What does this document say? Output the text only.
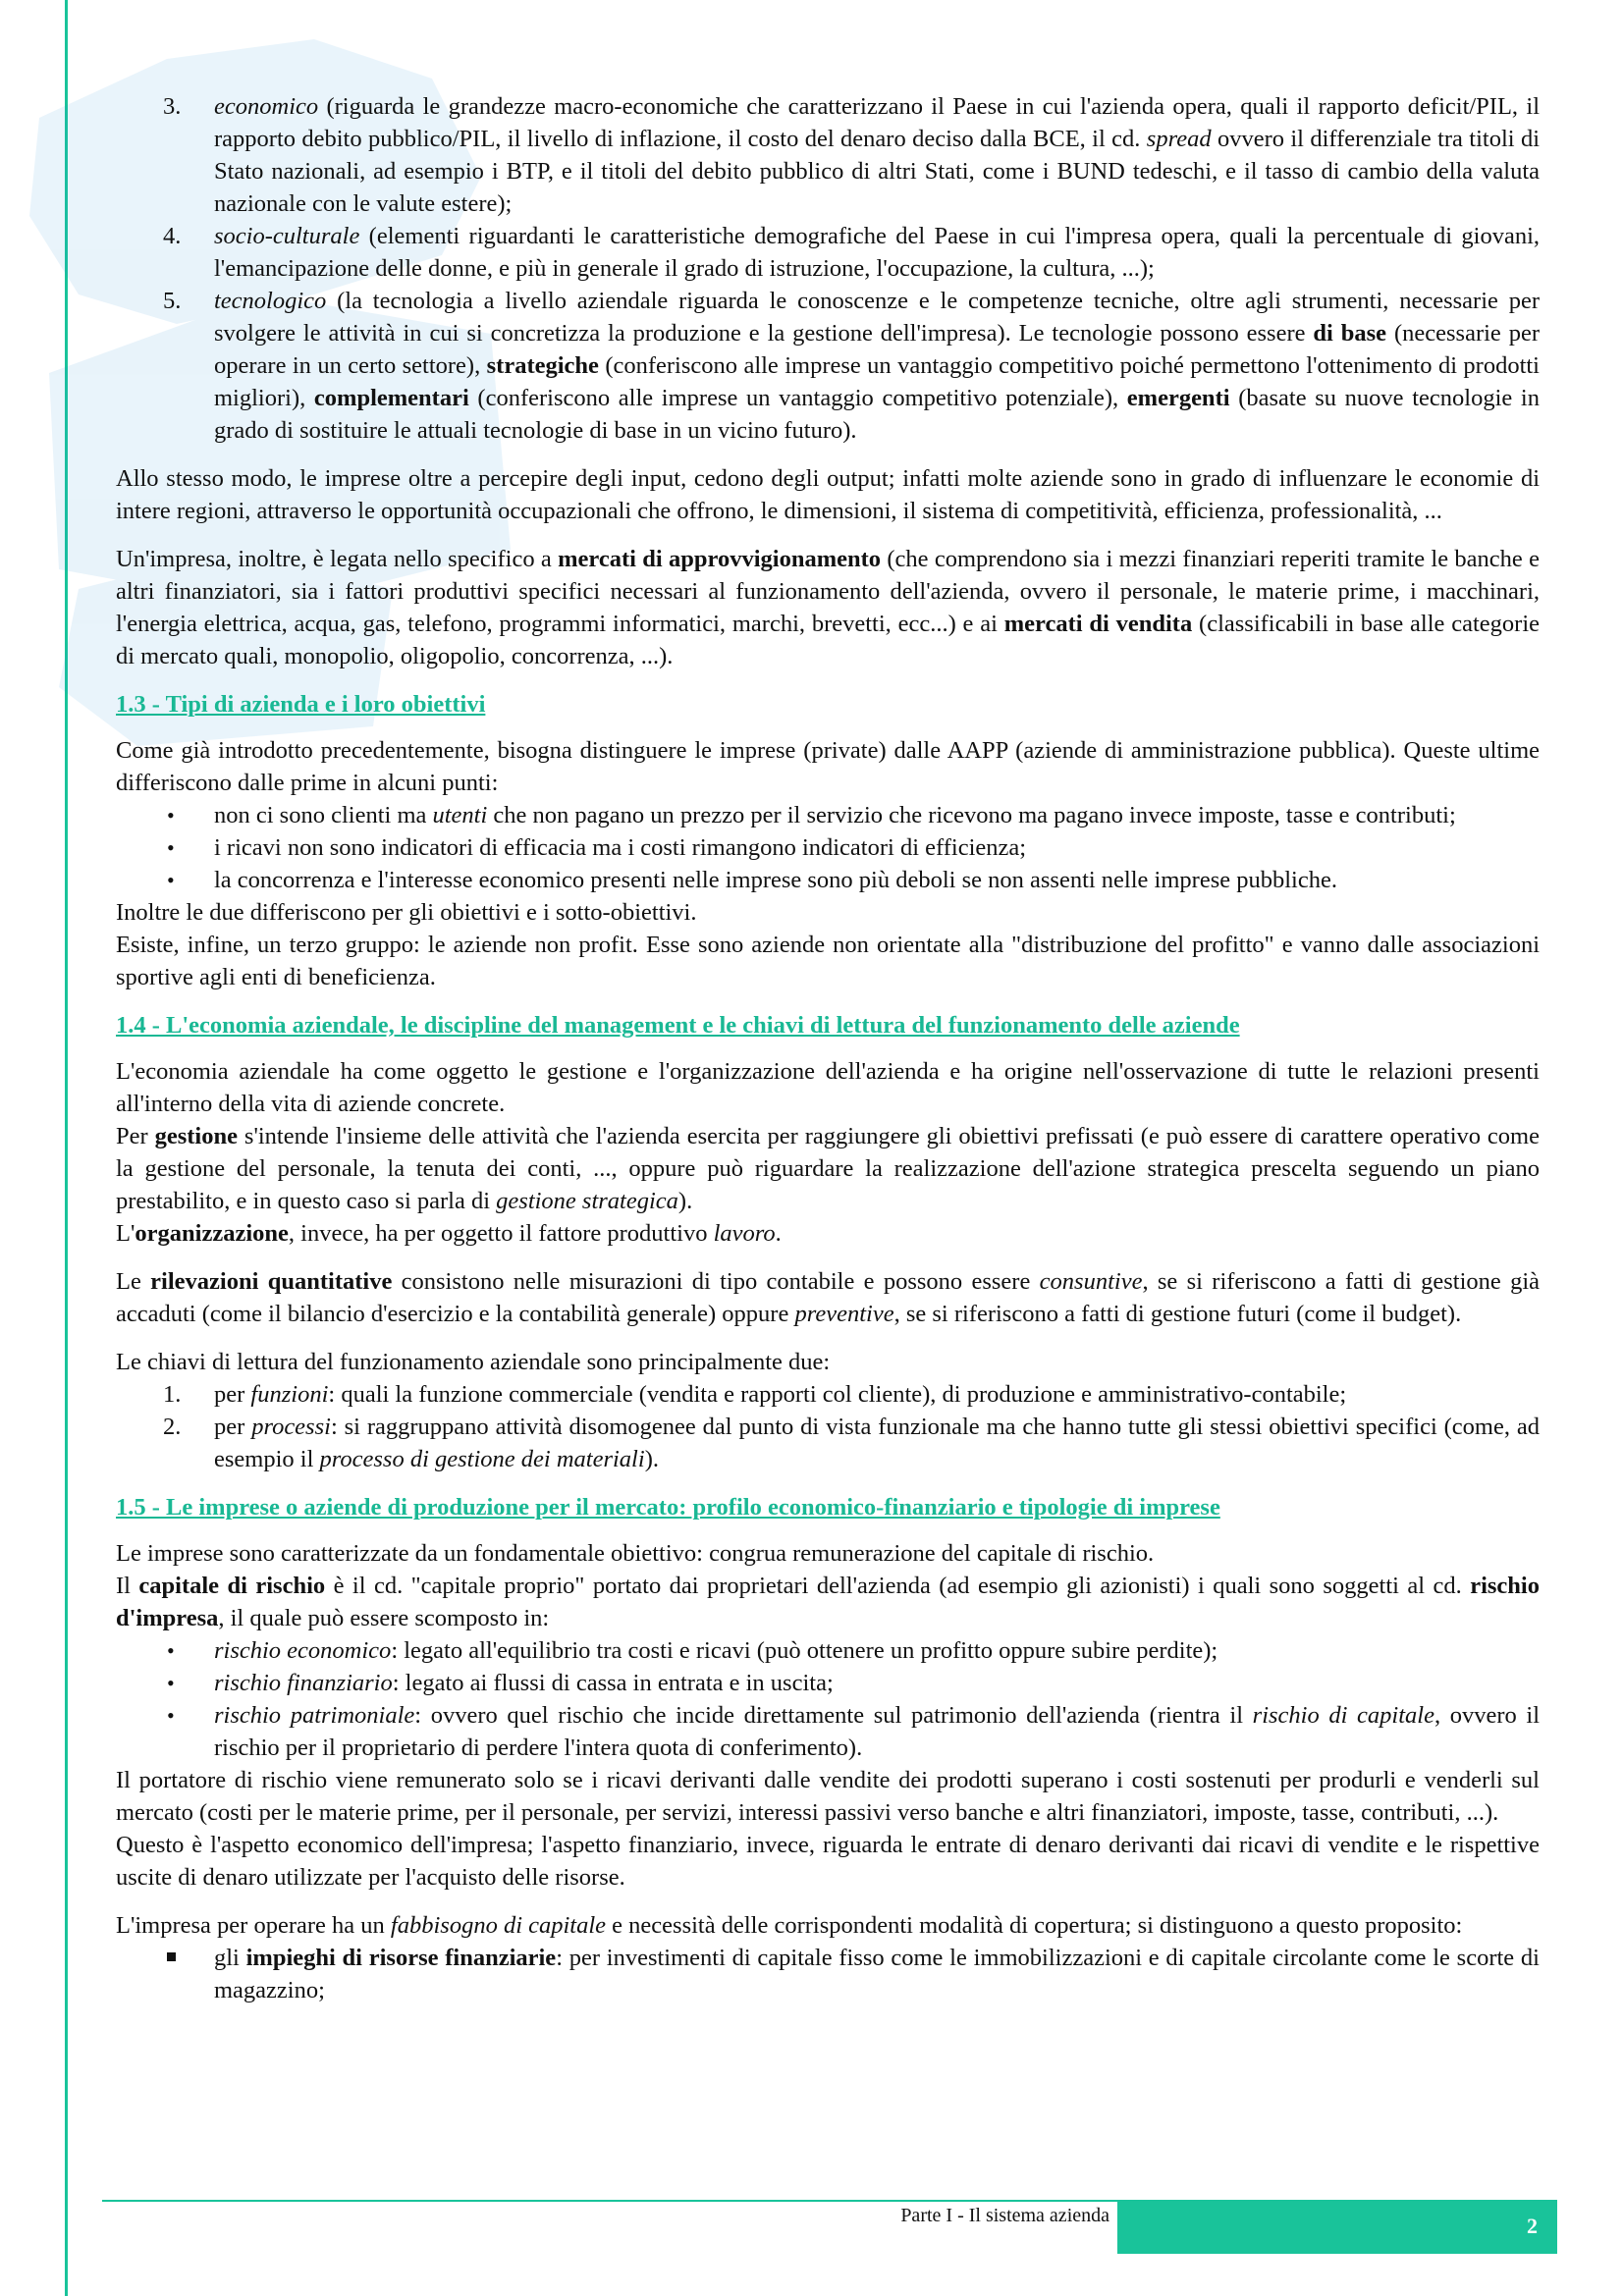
3. economico (riguarda le grandezze macro-economiche che caratterizzano il Paese in cui l'azienda opera, quali il rapporto deficit/PIL, il rapporto debito pubblico/PIL, il livello di inflazione, il costo del denaro deciso dalla BCE, il cd. spread ovvero il differenziale tra titoli di Stato nazionali, ad esempio i BTP, e il titoli del debito pubblico di altri Stati, come i BUND tedeschi, e il tasso di cambio della valuta nazionale con le valute estere);
4. socio-culturale (elementi riguardanti le caratteristiche demografiche del Paese in cui l'impresa opera, quali la percentuale di giovani, l'emancipazione delle donne, e più in generale il grado di istruzione, l'occupazione, la cultura, ...);
5. tecnologico (la tecnologia a livello aziendale riguarda le conoscenze e le competenze tecniche, oltre agli strumenti, necessarie per svolgere le attività in cui si concretizza la produzione e la gestione dell'impresa). Le tecnologie possono essere di base (necessarie per operare in un certo settore), strategiche (conferiscono alle imprese un vantaggio competitivo poiché permettono l'ottenimento di prodotti migliori), complementari (conferiscono alle imprese un vantaggio competitivo potenziale), emergenti (basate su nuove tecnologie in grado di sostituire le attuali tecnologie di base in un vicino futuro).

Allo stesso modo, le imprese oltre a percepire degli input, cedono degli output; infatti molte aziende sono in grado di influenzare le economie di intere regioni, attraverso le opportunità occupazionali che offrono, le dimensioni, il sistema di competitività, efficienza, professionalità, ...

Un'impresa, inoltre, è legata nello specifico a mercati di approvvigionamento (che comprendono sia i mezzi finanziari reperiti tramite le banche e altri finanziatori, sia i fattori produttivi specifici necessari al funzionamento dell'azienda, ovvero il personale, le materie prime, i macchinari, l'energia elettrica, acqua, gas, telefono, programmi informatici, marchi, brevetti, ecc...) e ai mercati di vendita (classificabili in base alle categorie di mercato quali, monopolio, oligopolio, concorrenza, ...).

1.3 - Tipi di azienda e i loro obiettivi

Come già introdotto precedentemente, bisogna distinguere le imprese (private) dalle AAPP (aziende di amministrazione pubblica). Queste ultime differiscono dalle prime in alcuni punti:

• non ci sono clienti ma utenti che non pagano un prezzo per il servizio che ricevono ma pagano invece imposte, tasse e contributi;
• i ricavi non sono indicatori di efficacia ma i costi rimangono indicatori di efficienza;
• la concorrenza e l'interesse economico presenti nelle imprese sono più deboli se non assenti nelle imprese pubbliche.

Inoltre le due differiscono per gli obiettivi e i sotto-obiettivi.

Esiste, infine, un terzo gruppo: le aziende non profit. Esse sono aziende non orientate alla "distribuzione del profitto" e vanno dalle associazioni sportive agli enti di beneficienza.

1.4 - L'economia aziendale, le discipline del management e le chiavi di lettura del funzionamento delle aziende

L'economia aziendale ha come oggetto le gestione e l'organizzazione dell'azienda e ha origine nell'osservazione di tutte le relazioni presenti all'interno della vita di aziende concrete.

Per gestione s'intende l'insieme delle attività che l'azienda esercita per raggiungere gli obiettivi prefissati (e può essere di carattere operativo come la gestione del personale, la tenuta dei conti, ..., oppure può riguardare la realizzazione dell'azione strategica prescelta seguendo un piano prestabilito, e in questo caso si parla di gestione strategica).

L'organizzazione, invece, ha per oggetto il fattore produttivo lavoro.

Le rilevazioni quantitative consistono nelle misurazioni di tipo contabile e possono essere consuntive, se si riferiscono a fatti di gestione già accaduti (come il bilancio d'esercizio e la contabilità generale) oppure preventive, se si riferiscono a fatti di gestione futuri (come il budget).

Le chiavi di lettura del funzionamento aziendale sono principalmente due:

1. per funzioni: quali la funzione commerciale (vendita e rapporti col cliente), di produzione e amministrativo-contabile;
2. per processi: si raggruppano attività disomogenee dal punto di vista funzionale ma che hanno tutte gli stessi obiettivi specifici (come, ad esempio il processo di gestione dei materiali).
1.5 - Le imprese o aziende di produzione per il mercato: profilo economico-finanziario e tipologie di imprese

Le imprese sono caratterizzate da un fondamentale obiettivo: congrua remunerazione del capitale di rischio.

Il capitale di rischio è il cd. "capitale proprio" portato dai proprietari dell'azienda (ad esempio gli azionisti) i quali sono soggetti al cd. rischio d'impresa, il quale può essere scomposto in:

• rischio economico: legato all'equilibrio tra costi e ricavi (può ottenere un profitto oppure subire perdite);
• rischio finanziario: legato ai flussi di cassa in entrata e in uscita;
• rischio patrimoniale: ovvero quel rischio che incide direttamente sul patrimonio dell'azienda (rientra il rischio di capitale, ovvero il rischio per il proprietario di perdere l'intera quota di conferimento).

Il portatore di rischio viene remunerato solo se i ricavi derivanti dalle vendite dei prodotti superano i costi sostenuti per produrli e venderli sul mercato (costi per le materie prime, per il personale, per servizi, interessi passivi verso banche e altri finanziatori, imposte, tasse, contributi, ...).

Questo è l'aspetto economico dell'impresa; l'aspetto finanziario, invece, riguarda le entrate di denaro derivanti dai ricavi di vendite e le rispettive uscite di denaro utilizzate per l'acquisto delle risorse.

L'impresa per operare ha un fabbisogno di capitale e necessità delle corrispondenti modalità di copertura; si distinguono a questo proposito:

gli impieghi di risorse finanziarie: per investimenti di capitale fisso come le immobilizzazioni e di capitale circolante come le scorte di magazzino;
Parte I - Il sistema azienda	2
